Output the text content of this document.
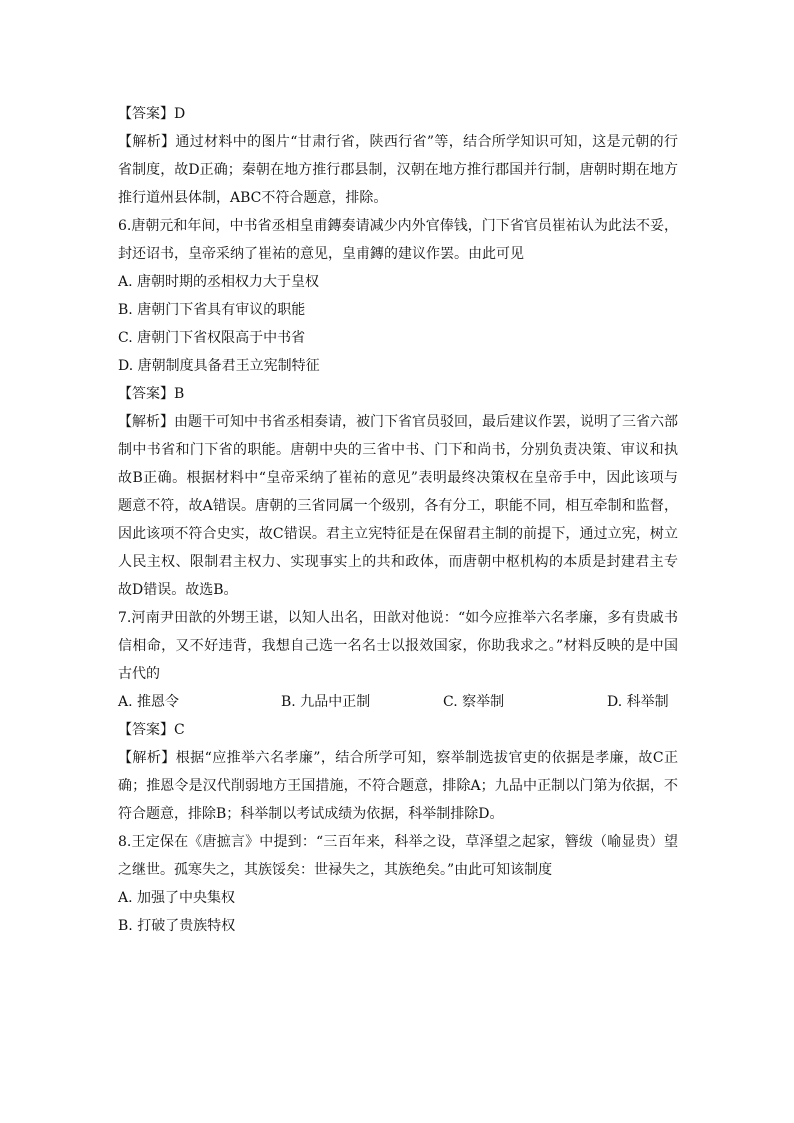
【答案】D
【解析】通过材料中的图片“甘肃行省，陕西行省”等，结合所学知识可知，这是元朝的行
省制度，故D正确；秦朝在地方推行郡县制，汉朝在地方推行郡国并行制，唐朝时期在地方
推行道州县体制，ABC不符合题意，排除。
6.唐朝元和年间，中书省丞相皇甫鏄奏请减少内外官俸钱，门下省官员崔祐认为此法不妥，
封还诏书，皇帝采纳了崔祐的意见，皇甫鏄的建议作罢。由此可见
A. 唐朝时期的丞相权力大于皇权
B. 唐朝门下省具有审议的职能
C. 唐朝门下省权限高于中书省
D. 唐朝制度具备君王立宪制特征
【答案】B
【解析】由题干可知中书省丞相奏请，被门下省官员驳回，最后建议作罢，说明了三省六部
制中书省和门下省的职能。唐朝中央的三省中书、门下和尚书，分别负责决策、审议和执
故B正确。根据材料中“皇帝采纳了崔祐的意见”表明最终决策权在皇帝手中，因此该项与
题意不符，故A错误。唐朝的三省同属一个级别，各有分工，职能不同，相互牵制和监督，
因此该项不符合史实，故C错误。君主立宪特征是在保留君主制的前提下，通过立宪，树立
人民主权、限制君主权力、实现事实上的共和政体，而唐朝中枢机构的本质是封建君主专
故D错误。故选B。
7.河南尹田歆的外甥王谌，以知人出名，田歆对他说：“如今应推举六名孝廉，多有贵戚书
信相命，又不好违背，我想自己选一名名士以报效国家，你助我求之。”材料反映的是中国
古代的
A. 推恩令	B. 九品中正制	C. 察举制	D. 科举制
【答案】C
【解析】根据“应推举六名孝廉”，结合所学可知，察举制选拔官吏的依据是孝廉，故C正
确；推恩令是汉代削弱地方王国措施，不符合题意，排除A；九品中正制以门第为依据，不
符合题意，排除B；科举制以考试成绩为依据，科举制排除D。
8.王定保在《唐摭言》中提到：“三百年来，科举之设，草泽望之起家，簪绂（喻显贵）望
之继世。孤寒失之，其族馁矣：世禄失之，其族绝矣。”由此可知该制度
A. 加强了中央集权
B. 打破了贵族特权
